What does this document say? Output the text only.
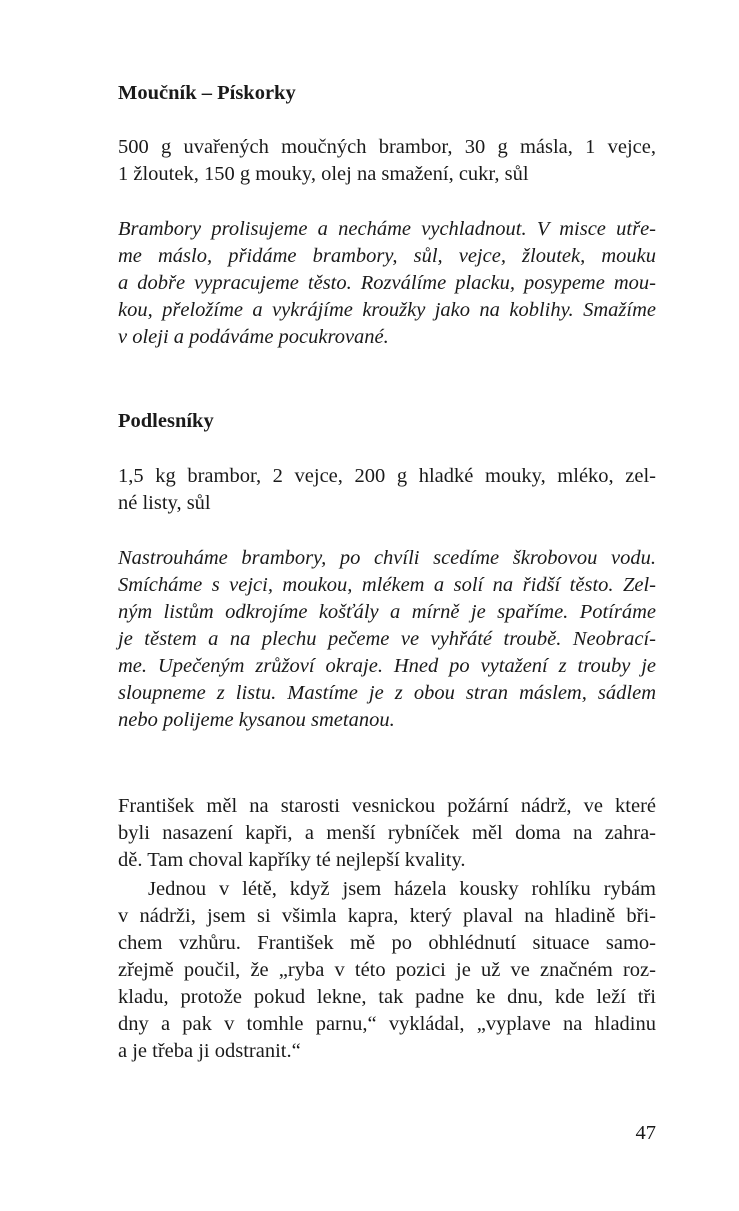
Moučník – Pískorky
500 g uvařených moučných brambor, 30 g másla, 1 vejce,
1 žloutek, 150 g mouky, olej na smažení, cukr, sůl
Brambory prolisujeme a necháme vychladnout. V misce utře-
me máslo, přidáme brambory, sůl, vejce, žloutek, mouku
a dobře vypracujeme těsto. Rozválíme placku, posypeme mou-
kou, přeložíme a vykrájíme kroužky jako na koblihy. Smažíme
v oleji a podáváme pocukrované.
Podlesníky
1,5 kg brambor, 2 vejce, 200 g hladké mouky, mléko, zel-
né listy, sůl
Nastrouháme brambory, po chvíli scedíme škrobovou vodu.
Smícháme s vejci, moukou, mlékem a solí na řidší těsto. Zel-
ným listům odkrojíme košťály a mírně je spaříme. Potíráme
je těstem a na plechu pečeme ve vyhřáté troubě. Neobrací-
me. Upečeným zrůžoví okraje. Hned po vytažení z trouby je
sloupneme z listu. Mastíme je z obou stran máslem, sádlem
nebo polijeme kysanou smetanou.
František měl na starosti vesnickou požární nádrž, ve které
byli nasazení kapři, a menší rybníček měl doma na zahra-
dě. Tam choval kapříky té nejlepší kvality.
Jednou v létě, když jsem házela kousky rohlíku rybám
v nádrži, jsem si všimla kapra, který plaval na hladině bři-
chem vzhůru. František mě po obhlédnutí situace samo-
zřejmě poučil, že „ryba v této pozici je už ve značném roz-
kladu, protože pokud lekne, tak padne ke dnu, kde leží tři
dny a pak v tomhle parnu,“ vykládal, „vyplave na hladinu
a je třeba ji odstranit.“
47
